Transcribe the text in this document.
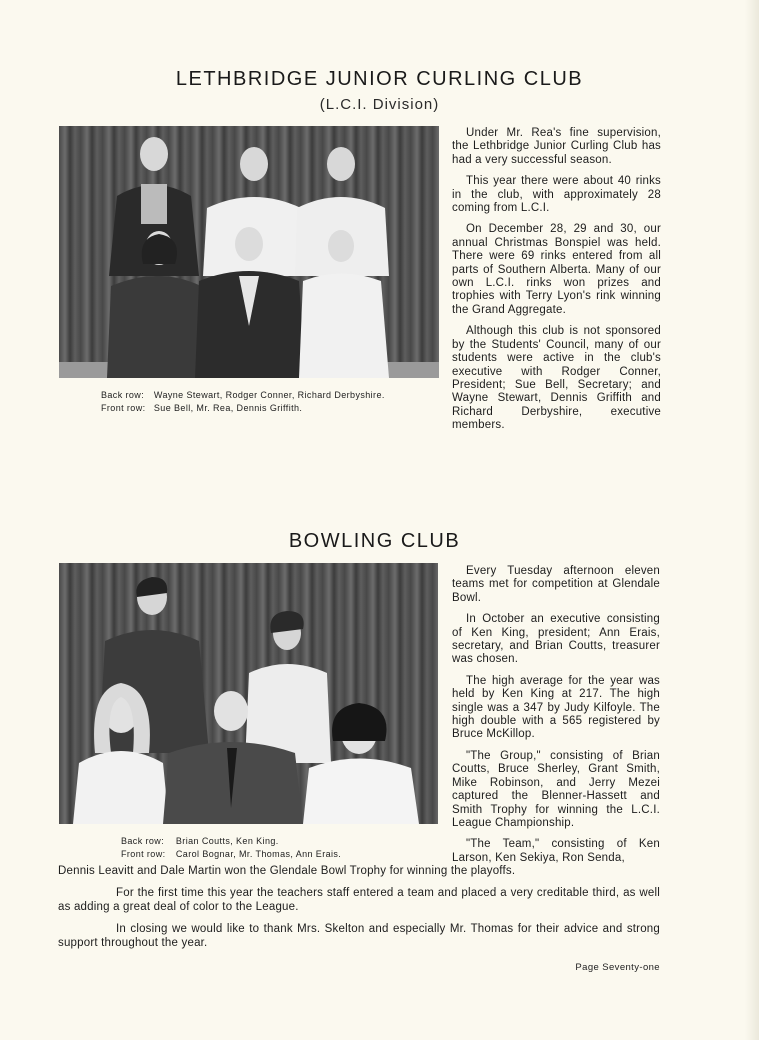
LETHBRIDGE JUNIOR CURLING CLUB
(L.C.I. Division)
Back row: Wayne Stewart, Rodger Conner, Richard Derbyshire.
Front row: Sue Bell, Mr. Rea, Dennis Griffith.

Under Mr. Rea's fine supervision, the Lethbridge Junior Curling Club has had a very successful season.

This year there were about 40 rinks in the club, with approximately 28 coming from L.C.I.

On December 28, 29 and 30, our annual Christmas Bonspiel was held. There were 69 rinks entered from all parts of Southern Alberta. Many of our own L.C.I. rinks won prizes and trophies with Terry Lyon's rink winning the Grand Aggregate.

Although this club is not sponsored by the Students' Council, many of our students were active in the club's executive with Rodger Conner, President; Sue Bell, Secretary; and Wayne Stewart, Dennis Griffith and Richard Derbyshire, executive members.

BOWLING CLUB
Back row: Brian Coutts, Ken King.
Front row: Carol Bognar, Mr. Thomas, Ann Erais.

Every Tuesday afternoon eleven teams met for competition at Glendale Bowl.

In October an executive consisting of Ken King, president; Ann Erais, secretary, and Brian Coutts, treasurer was chosen.

The high average for the year was held by Ken King at 217. The high single was a 347 by Judy Kilfoyle. The high double with a 565 registered by Bruce McKillop.

"The Group," consisting of Brian Coutts, Bruce Sherley, Grant Smith, Mike Robinson, and Jerry Mezei captured the Blenner-Hassett and Smith Trophy for winning the L.C.I. League Championship.

"The Team," consisting of Ken Larson, Ken Sekiya, Ron Senda,

Dennis Leavitt and Dale Martin won the Glendale Bowl Trophy for winning the playoffs.

For the first time this year the teachers staff entered a team and placed a very creditable third, as well as adding a great deal of color to the League.

In closing we would like to thank Mrs. Skelton and especially Mr. Thomas for their advice and strong support throughout the year.

Page Seventy-one
